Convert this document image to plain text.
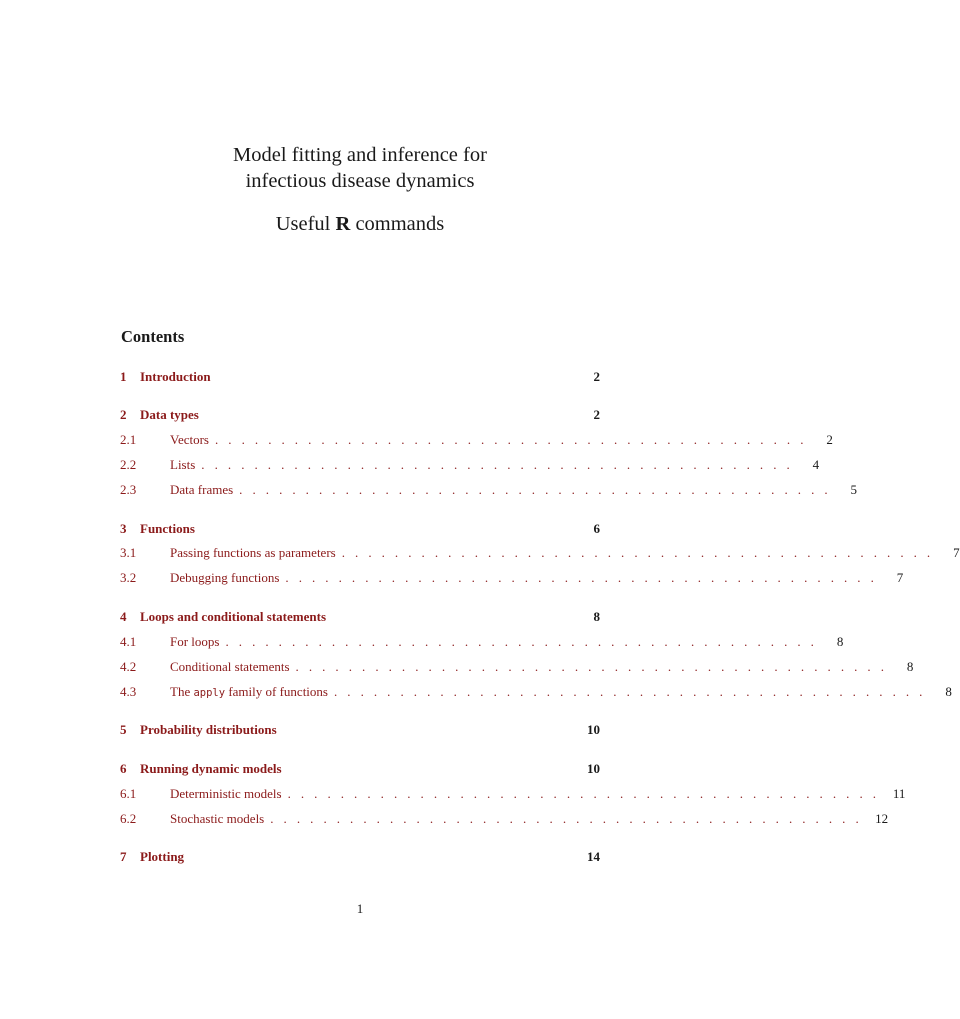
Model fitting and inference for
infectious disease dynamics
Useful R commands
Contents
1	Introduction	2
2	Data types	2
2.1	Vectors . . . . . . . . . . . . . . . . . . . . . . . . . . . . . . . . . . . . . . . . . . . . .	2
2.2	Lists . . . . . . . . . . . . . . . . . . . . . . . . . . . . . . . . . . . . . . . . . . . . .	4
2.3	Data frames . . . . . . . . . . . . . . . . . . . . . . . . . . . . . . . . . . . . . . . . . . . . .	5
3	Functions	6
3.1	Passing functions as parameters . . . . . . . . . . . . . . . . . . . . . . . . . . . . . . . . . . . . . . . . . . . . .	7
3.2	Debugging functions . . . . . . . . . . . . . . . . . . . . . . . . . . . . . . . . . . . . . . . . . . . . .	7
4	Loops and conditional statements	8
4.1	For loops . . . . . . . . . . . . . . . . . . . . . . . . . . . . . . . . . . . . . . . . . . . . .	8
4.2	Conditional statements . . . . . . . . . . . . . . . . . . . . . . . . . . . . . . . . . . . . . . . . . . . . .	8
4.3	The apply family of functions . . . . . . . . . . . . . . . . . . . . . . . . . . . . . . . . . . . . . . . . . . . . .	8
5	Probability distributions	10
6	Running dynamic models	10
6.1	Deterministic models . . . . . . . . . . . . . . . . . . . . . . . . . . . . . . . . . . . . . . . . . . . . .	11
6.2	Stochastic models . . . . . . . . . . . . . . . . . . . . . . . . . . . . . . . . . . . . . . . . . . . . .	12
7	Plotting	14
1
